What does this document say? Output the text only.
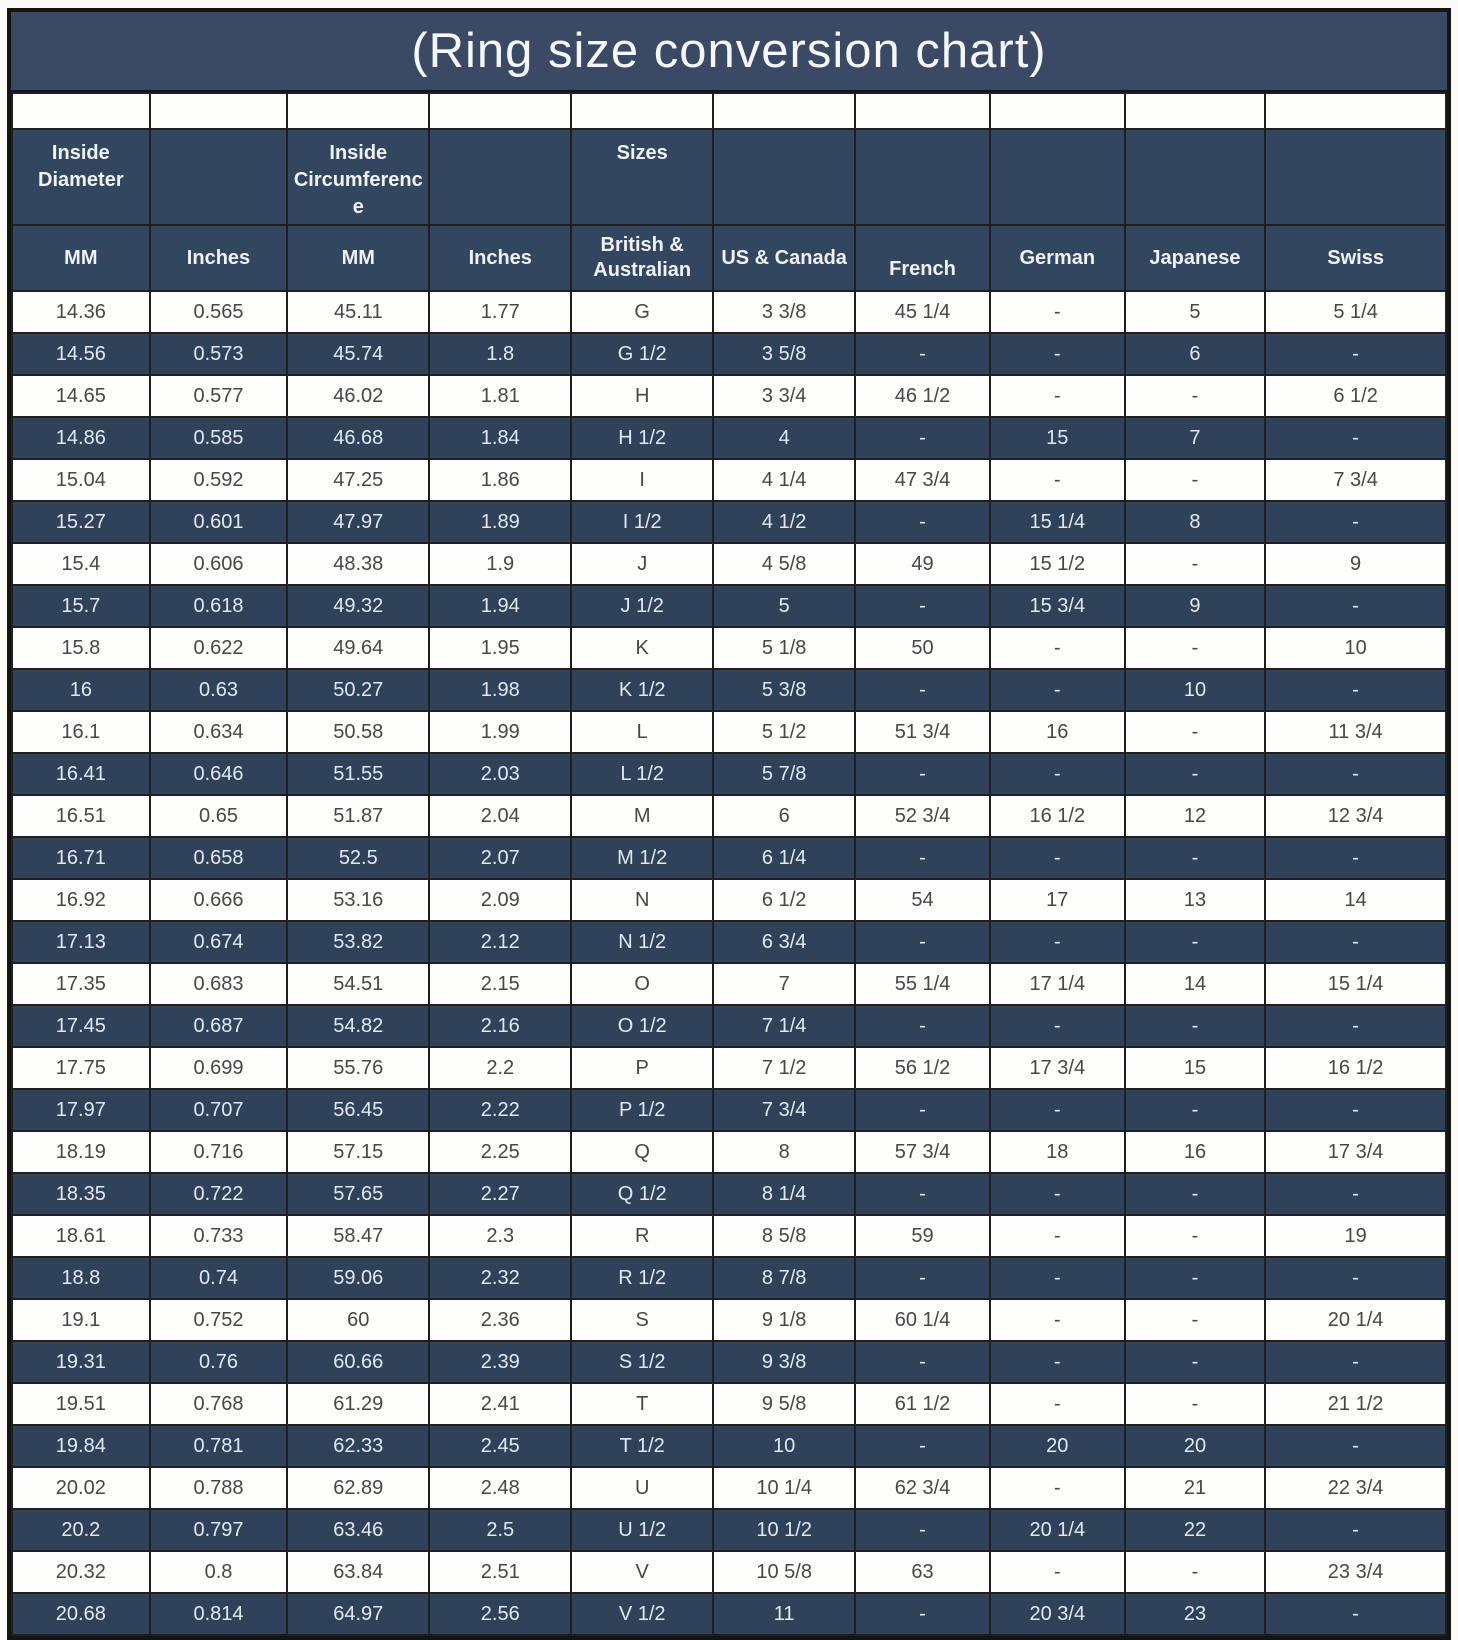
(Ring size conversion chart)

Inside Diameter		Inside Circumference		Sizes					
MM	Inches	MM	Inches	British & Australian	US & Canada	French	German	Japanese	Swiss
14.36	0.565	45.11	1.77	G	3 3/8	45 1/4	-	5	5 1/4
14.56	0.573	45.74	1.8	G 1/2	3 5/8	-	-	6	-
14.65	0.577	46.02	1.81	H	3 3/4	46 1/2	-	-	6 1/2
14.86	0.585	46.68	1.84	H 1/2	4	-	15	7	-
15.04	0.592	47.25	1.86	I	4 1/4	47 3/4	-	-	7 3/4
15.27	0.601	47.97	1.89	I 1/2	4 1/2	-	15 1/4	8	-
15.4	0.606	48.38	1.9	J	4 5/8	49	15 1/2	-	9
15.7	0.618	49.32	1.94	J 1/2	5	-	15 3/4	9	-
15.8	0.622	49.64	1.95	K	5 1/8	50	-	-	10
16	0.63	50.27	1.98	K 1/2	5 3/8	-	-	10	-
16.1	0.634	50.58	1.99	L	5 1/2	51 3/4	16	-	11 3/4
16.41	0.646	51.55	2.03	L 1/2	5 7/8	-	-	-	-
16.51	0.65	51.87	2.04	M	6	52 3/4	16 1/2	12	12 3/4
16.71	0.658	52.5	2.07	M 1/2	6 1/4	-	-	-	-
16.92	0.666	53.16	2.09	N	6 1/2	54	17	13	14
17.13	0.674	53.82	2.12	N 1/2	6 3/4	-	-	-	-
17.35	0.683	54.51	2.15	O	7	55 1/4	17 1/4	14	15 1/4
17.45	0.687	54.82	2.16	O 1/2	7 1/4	-	-	-	-
17.75	0.699	55.76	2.2	P	7 1/2	56 1/2	17 3/4	15	16 1/2
17.97	0.707	56.45	2.22	P 1/2	7 3/4	-	-	-	-
18.19	0.716	57.15	2.25	Q	8	57 3/4	18	16	17 3/4
18.35	0.722	57.65	2.27	Q 1/2	8 1/4	-	-	-	-
18.61	0.733	58.47	2.3	R	8 5/8	59	-	-	19
18.8	0.74	59.06	2.32	R 1/2	8 7/8	-	-	-	-
19.1	0.752	60	2.36	S	9 1/8	60 1/4	-	-	20 1/4
19.31	0.76	60.66	2.39	S 1/2	9 3/8	-	-	-	-
19.51	0.768	61.29	2.41	T	9 5/8	61 1/2	-	-	21 1/2
19.84	0.781	62.33	2.45	T 1/2	10	-	20	20	-
20.02	0.788	62.89	2.48	U	10 1/4	62 3/4	-	21	22 3/4
20.2	0.797	63.46	2.5	U 1/2	10 1/2	-	20 1/4	22	-
20.32	0.8	63.84	2.51	V	10 5/8	63	-	-	23 3/4
20.68	0.814	64.97	2.56	V 1/2	11	-	20 3/4	23	-
